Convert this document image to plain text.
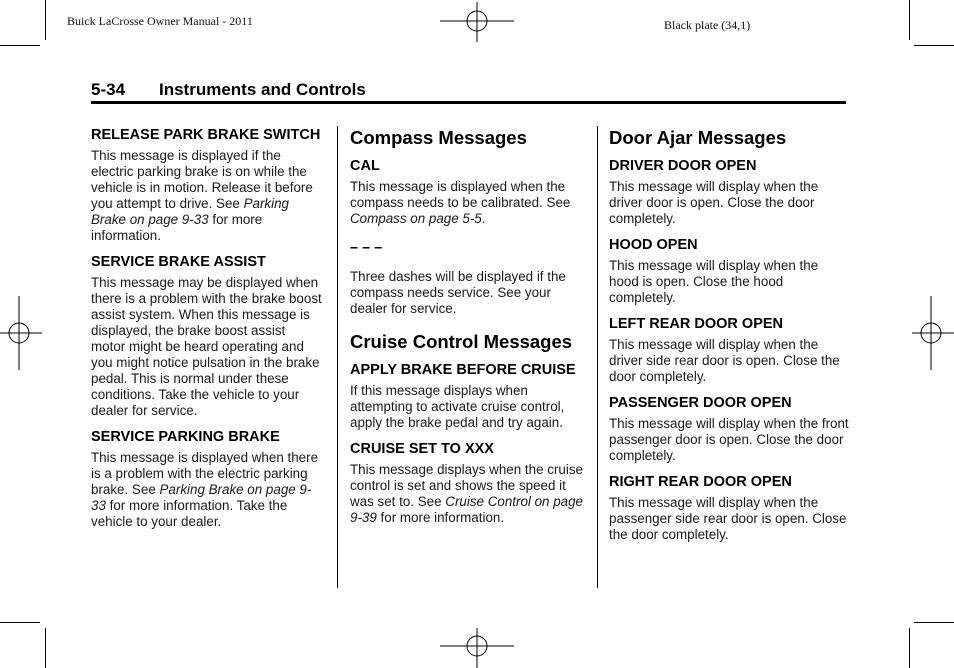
Buick LaCrosse Owner Manual - 2011	Black plate (34,1)
5-34 Instruments and Controls
RELEASE PARK BRAKE SWITCH

This message is displayed if the electric parking brake is on while the vehicle is in motion. Release it before you attempt to drive. See Parking Brake on page 9-33 for more information.

SERVICE BRAKE ASSIST

This message may be displayed when there is a problem with the brake boost assist system. When this message is displayed, the brake boost assist motor might be heard operating and you might notice pulsation in the brake pedal. This is normal under these conditions. Take the vehicle to your dealer for service.

SERVICE PARKING BRAKE

This message is displayed when there is a problem with the electric parking brake. See Parking Brake on page 9-33 for more information. Take the vehicle to your dealer.

Compass Messages
CAL

This message is displayed when the compass needs to be calibrated. See Compass on page 5-5.

– – –

Three dashes will be displayed if the compass needs service. See your dealer for service.

Cruise Control Messages
APPLY BRAKE BEFORE CRUISE

If this message displays when attempting to activate cruise control, apply the brake pedal and try again.

CRUISE SET TO XXX

This message displays when the cruise control is set and shows the speed it was set to. See Cruise Control on page 9-39 for more information.

Door Ajar Messages
DRIVER DOOR OPEN

This message will display when the driver door is open. Close the door completely.

HOOD OPEN

This message will display when the hood is open. Close the hood completely.

LEFT REAR DOOR OPEN

This message will display when the driver side rear door is open. Close the door completely.

PASSENGER DOOR OPEN

This message will display when the front passenger door is open. Close the door completely.

RIGHT REAR DOOR OPEN

This message will display when the passenger side rear door is open. Close the door completely.
